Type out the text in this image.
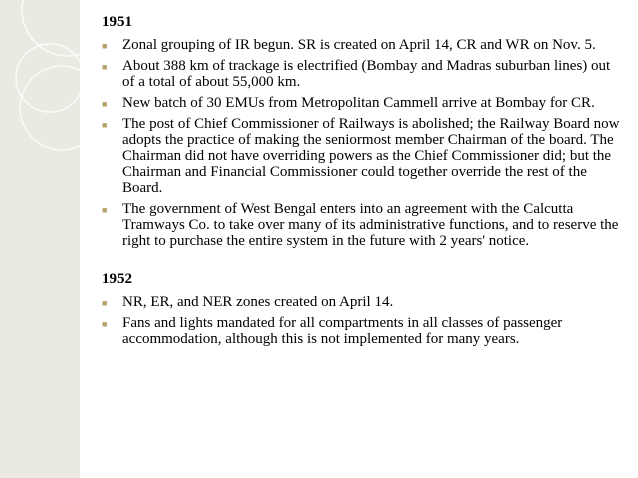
1951
■ Zonal grouping of IR begun. SR is created on April 14, CR and WR on Nov. 5.
■ About 388 km of trackage is electrified (Bombay and Madras suburban lines) out of a total of about 55,000 km.
■ New batch of 30 EMUs from Metropolitan Cammell arrive at Bombay for CR.
■ The post of Chief Commissioner of Railways is abolished; the Railway Board now adopts the practice of making the seniormost member Chairman of the board. The Chairman did not have overriding powers as the Chief Commissioner did; but the Chairman and Financial Commissioner could together override the rest of the Board.
■ The government of West Bengal enters into an agreement with the Calcutta Tramways Co. to take over many of its administrative functions, and to reserve the right to purchase the entire system in the future with 2 years' notice.
1952
■ NR, ER, and NER zones created on April 14.
■ Fans and lights mandated for all compartments in all classes of passenger accommodation, although this is not implemented for many years.
